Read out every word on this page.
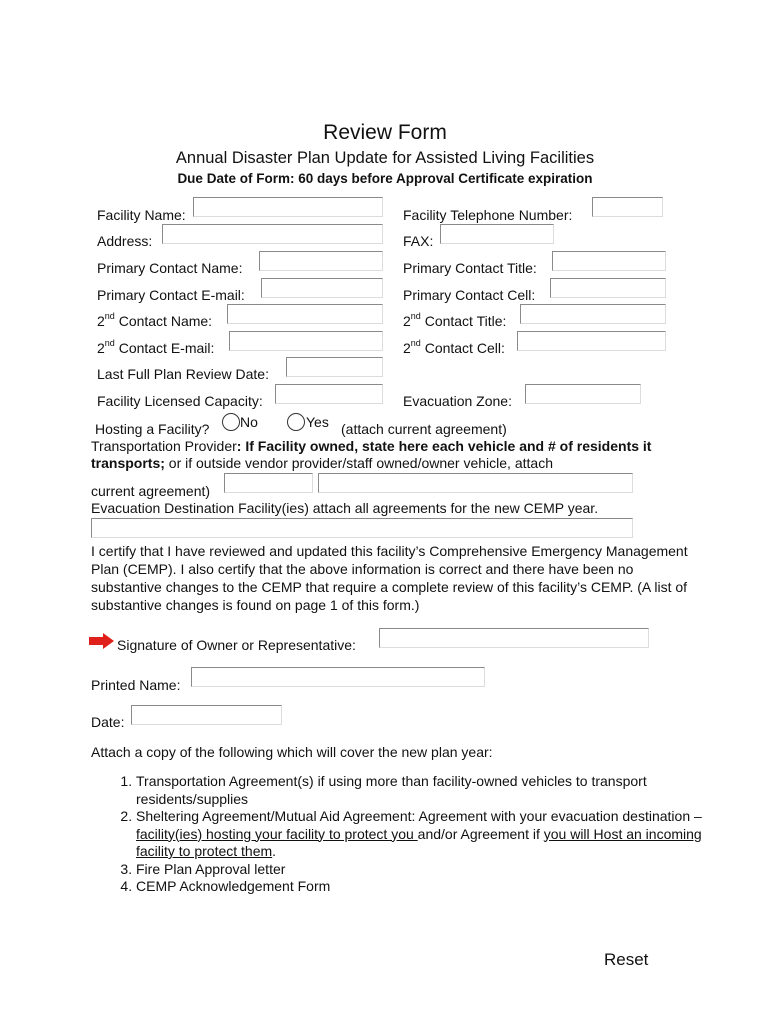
Review Form
Annual Disaster Plan Update for Assisted Living Facilities
Due Date of Form: 60 days before Approval Certificate expiration
Facility Name:	Facility Telephone Number:
Address:	FAX:
Primary Contact Name:	Primary Contact Title:
Primary Contact E-mail:	Primary Contact Cell:
2nd Contact Name:	2nd Contact Title:
2nd Contact E-mail:	2nd Contact Cell:
Last Full Plan Review Date:
Facility Licensed Capacity:	Evacuation Zone:
Hosting a Facility? No	Yes (attach current agreement)
Transportation Provider: If Facility owned, state here each vehicle and # of residents it transports; or if outside vendor provider/staff owned/owner vehicle, attach
current agreement)
Evacuation Destination Facility(ies) attach all agreements for the new CEMP year.
I certify that I have reviewed and updated this facility’s Comprehensive Emergency Management Plan (CEMP). I also certify that the above information is correct and there have been no substantive changes to the CEMP that require a complete review of this facility’s CEMP. (A list of substantive changes is found on page 1 of this form.)
Signature of Owner or Representative:
Printed Name:
Date:
Attach a copy of the following which will cover the new plan year:
1. Transportation Agreement(s) if using more than facility-owned vehicles to transport residents/supplies
2. Sheltering Agreement/Mutual Aid Agreement: Agreement with your evacuation destination – facility(ies) hosting your facility to protect you and/or Agreement if you will Host an incoming facility to protect them.
3. Fire Plan Approval letter
4. CEMP Acknowledgement Form
Reset
